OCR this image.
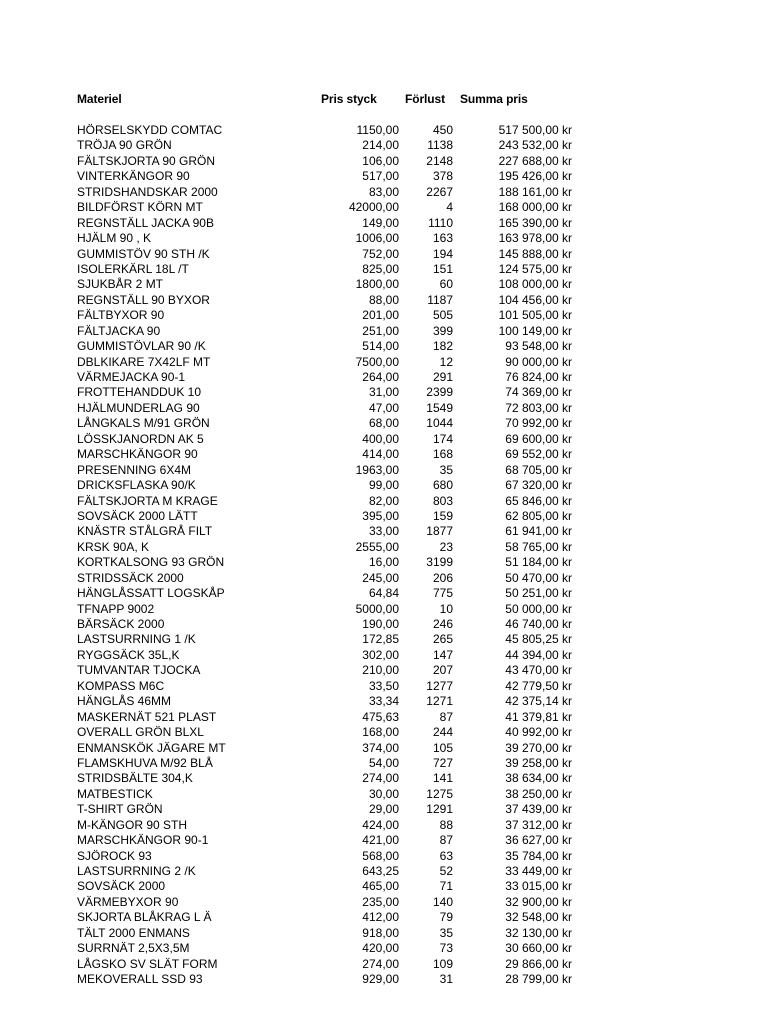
Materiel	Pris styck Förlust Summa pris
HÖRSELSKYDD COMTAC	1150,00	450	517 500,00 kr
TRÖJA 90 GRÖN	214,00 1138	243 532,00 kr
FÄLTSKJORTA 90 GRÖN	106,00 2148	227 688,00 kr
VINTERKÄNGOR 90	517,00	378	195 426,00 kr
STRIDSHANDSKAR 2000	83,00 2267	188 161,00 kr
BILDFÖRST KÖRN MT	42000,00	4	168 000,00 kr
REGNSTÄLL JACKA 90B	149,00 1110	165 390,00 kr
HJÄLM 90 , K	1006,00	163	163 978,00 kr
GUMMISTÖV 90 STH /K	752,00	194	145 888,00 kr
ISOLERKÄRL 18L /T	825,00	151	124 575,00 kr
SJUKBÅR 2 MT	1800,00	60	108 000,00 kr
REGNSTÄLL 90 BYXOR	88,00 1187	104 456,00 kr
FÄLTBYXOR 90	201,00	505	101 505,00 kr
FÄLTJACKA 90	251,00	399	100 149,00 kr
GUMMISTÖVLAR 90 /K	514,00	182	93 548,00 kr
DBLKIKARE 7X42LF MT	7500,00	12	90 000,00 kr
VÄRMEJACKA 90-1	264,00	291	76 824,00 kr
FROTTEHANDDUK 10	31,00 2399	74 369,00 kr
HJÄLMUNDERLAG 90	47,00 1549	72 803,00 kr
LÅNGKALS M/91 GRÖN	68,00 1044	70 992,00 kr
LÖSSKJANORDN AK 5	400,00	174	69 600,00 kr
MARSCHKÄNGOR 90	414,00	168	69 552,00 kr
PRESENNING 6X4M	1963,00	35	68 705,00 kr
DRICKSFLASKA 90/K	99,00	680	67 320,00 kr
FÄLTSKJORTA M KRAGE	82,00	803	65 846,00 kr
SOVSÄCK 2000 LÄTT	395,00	159	62 805,00 kr
KNÄSTR STÅLGRÅ FILT	33,00 1877	61 941,00 kr
KRSK 90A, K	2555,00	23	58 765,00 kr
KORTKALSONG 93 GRÖN	16,00 3199	51 184,00 kr
STRIDSSÄCK 2000	245,00	206	50 470,00 kr
HÄNGLÅSSATT LOGSKÅP	64,84	775	50 251,00 kr
TFNAPP 9002	5000,00	10	50 000,00 kr
BÄRSÄCK 2000	190,00	246	46 740,00 kr
LASTSURRNING 1 /K	172,85	265	45 805,25 kr
RYGGSÄCK 35L,K	302,00	147	44 394,00 kr
TUMVANTAR TJOCKA	210,00	207	43 470,00 kr
KOMPASS M6C	33,50 1277	42 779,50 kr
HÄNGLÅS 46MM	33,34 1271	42 375,14 kr
MASKERNÄT 521 PLAST	475,63	87	41 379,81 kr
OVERALL GRÖN BLXL	168,00	244	40 992,00 kr
ENMANSKÖK JÄGARE MT	374,00	105	39 270,00 kr
FLAMSKHUVA M/92 BLÅ	54,00	727	39 258,00 kr
STRIDSBÄLTE 304,K	274,00	141	38 634,00 kr
MATBESTICK	30,00 1275	38 250,00 kr
T-SHIRT GRÖN	29,00 1291	37 439,00 kr
M-KÄNGOR 90 STH	424,00	88	37 312,00 kr
MARSCHKÄNGOR 90-1	421,00	87	36 627,00 kr
SJÖROCK 93	568,00	63	35 784,00 kr
LASTSURRNING 2 /K	643,25	52	33 449,00 kr
SOVSÄCK 2000	465,00	71	33 015,00 kr
VÄRMEBYXOR 90	235,00	140	32 900,00 kr
SKJORTA BLÅKRAG L Ä	412,00	79	32 548,00 kr
TÄLT 2000 ENMANS	918,00	35	32 130,00 kr
SURRNÄT 2,5X3,5M	420,00	73	30 660,00 kr
LÅGSKO SV SLÄT FORM	274,00	109	29 866,00 kr
MEKOVERALL SSD 93	929,00	31	28 799,00 kr
